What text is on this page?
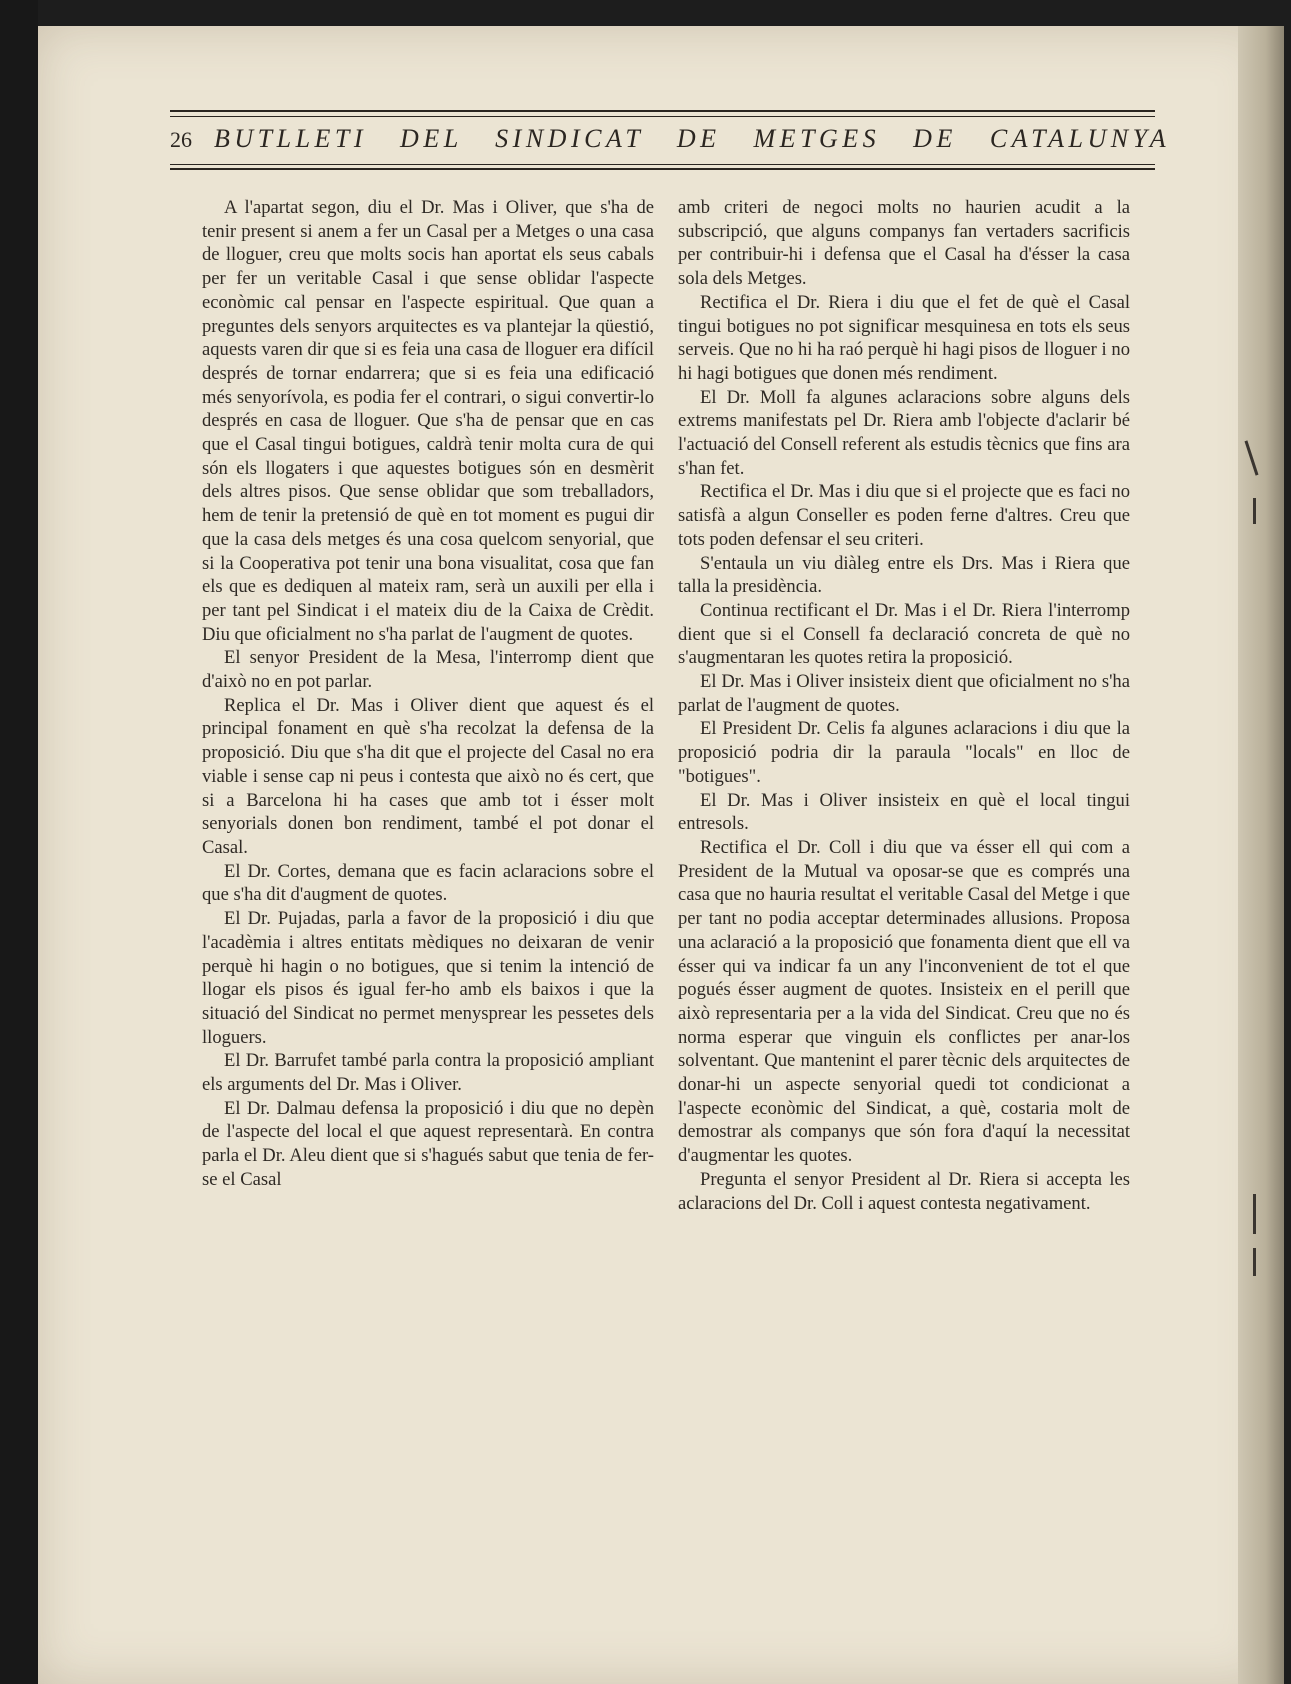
26 BUTLLETI DEL SINDICAT DE METGES DE CATALUNYA

A l'apartat segon, diu el Dr. Mas i Oliver, que s'ha de tenir present si anem a fer un Casal per a Metges o una casa de lloguer, creu que molts socis han aportat els seus cabals per fer un veritable Casal i que sense oblidar l'aspecte econòmic cal pensar en l'aspecte espiritual. Que quan a preguntes dels senyors arquitectes es va plantejar la qüestió, aquests varen dir que si es feia una casa de lloguer era difícil després de tornar endarrera; que si es feia una edificació més senyorívola, es podia fer el contrari, o sigui convertir-lo després en casa de lloguer. Que s'ha de pensar que en cas que el Casal tingui botigues, caldrà tenir molta cura de qui són els llogaters i que aquestes botigues són en desmèrit dels altres pisos. Que sense oblidar que som treballadors, hem de tenir la pretensió de què en tot moment es pugui dir que la casa dels metges és una cosa quelcom senyorial, que si la Cooperativa pot tenir una bona visualitat, cosa que fan els que es dediquen al mateix ram, serà un auxili per ella i per tant pel Sindicat i el mateix diu de la Caixa de Crèdit. Diu que oficialment no s'ha parlat de l'augment de quotes.

El senyor President de la Mesa, l'interromp dient que d'això no en pot parlar.

Replica el Dr. Mas i Oliver dient que aquest és el principal fonament en què s'ha recolzat la defensa de la proposició. Diu que s'ha dit que el projecte del Casal no era viable i sense cap ni peus i contesta que això no és cert, que si a Barcelona hi ha cases que amb tot i ésser molt senyorials donen bon rendiment, també el pot donar el Casal.

El Dr. Cortes, demana que es facin aclaracions sobre el que s'ha dit d'augment de quotes.

El Dr. Pujadas, parla a favor de la proposició i diu que l'acadèmia i altres entitats mèdiques no deixaran de venir perquè hi hagin o no botigues, que si tenim la intenció de llogar els pisos és igual fer-ho amb els baixos i que la situació del Sindicat no permet menysprear les pessetes dels lloguers.

El Dr. Barrufet també parla contra la proposició ampliant els arguments del Dr. Mas i Oliver.

El Dr. Dalmau defensa la proposició i diu que no depèn de l'aspecte del local el que aquest representarà. En contra parla el Dr. Aleu dient que si s'hagués sabut que tenia de fer-se el Casal

amb criteri de negoci molts no haurien acudit a la subscripció, que alguns companys fan vertaders sacrificis per contribuir-hi i defensa que el Casal ha d'ésser la casa sola dels Metges.

Rectifica el Dr. Riera i diu que el fet de què el Casal tingui botigues no pot significar mesquinesa en tots els seus serveis. Que no hi ha raó perquè hi hagi pisos de lloguer i no hi hagi botigues que donen més rendiment.

El Dr. Moll fa algunes aclaracions sobre alguns dels extrems manifestats pel Dr. Riera amb l'objecte d'aclarir bé l'actuació del Consell referent als estudis tècnics que fins ara s'han fet.

Rectifica el Dr. Mas i diu que si el projecte que es faci no satisfà a algun Conseller es poden ferne d'altres. Creu que tots poden defensar el seu criteri.

S'entaula un viu diàleg entre els Drs. Mas i Riera que talla la presidència.

Continua rectificant el Dr. Mas i el Dr. Riera l'interromp dient que si el Consell fa declaració concreta de què no s'augmentaran les quotes retira la proposició.

El Dr. Mas i Oliver insisteix dient que oficialment no s'ha parlat de l'augment de quotes.

El President Dr. Celis fa algunes aclaracions i diu que la proposició podria dir la paraula "locals" en lloc de "botigues".

El Dr. Mas i Oliver insisteix en què el local tingui entresols.

Rectifica el Dr. Coll i diu que va ésser ell qui com a President de la Mutual va oposar-se que es comprés una casa que no hauria resultat el veritable Casal del Metge i que per tant no podia acceptar determinades allusions. Proposa una aclaració a la proposició que fonamenta dient que ell va ésser qui va indicar fa un any l'inconvenient de tot el que pogués ésser augment de quotes. Insisteix en el perill que això representaria per a la vida del Sindicat. Creu que no és norma esperar que vinguin els conflictes per anar-los solventant. Que mantenint el parer tècnic dels arquitectes de donar-hi un aspecte senyorial quedi tot condicionat a l'aspecte econòmic del Sindicat, a què, costaria molt de demostrar als companys que són fora d'aquí la necessitat d'augmentar les quotes.

Pregunta el senyor President al Dr. Riera si accepta les aclaracions del Dr. Coll i aquest contesta negativament.
